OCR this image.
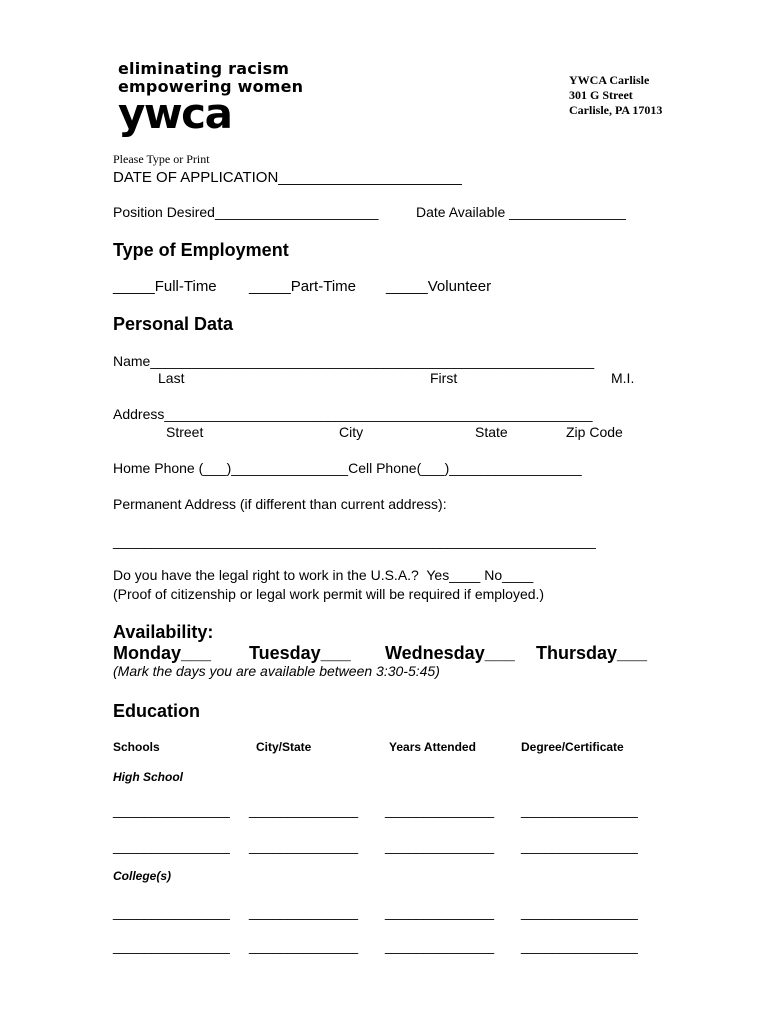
eliminating racism
empowering women
ywca
YWCA Carlisle
301 G Street
Carlisle, PA 17013
Please Type or Print
DATE OF APPLICATION______________________
Position Desired_____________________	Date Available _______________
Type of Employment
_____Full-Time _____Part-Time _____Volunteer
Personal Data
Name_________________________________________________________
Last	First	M.I.
Address_______________________________________________________
Street	City	State	Zip Code
Home Phone (___)_______________Cell Phone(___)_________________
Permanent Address (if different than current address):
______________________________________________________________
Do you have the legal right to work in the U.S.A.?  Yes____ No____
(Proof of citizenship or legal work permit will be required if employed.)
Availability:
Monday___ Tuesday___ Wednesday___ Thursday___
(Mark the days you are available between 3:30-5:45)
Education
Schools	City/State	Years Attended	Degree/Certificate
High School
_______________ ______________ ______________ _______________
_______________ ______________ ______________ _______________
College(s)
_______________ ______________ ______________ _______________
_______________ ______________ ______________ _______________
